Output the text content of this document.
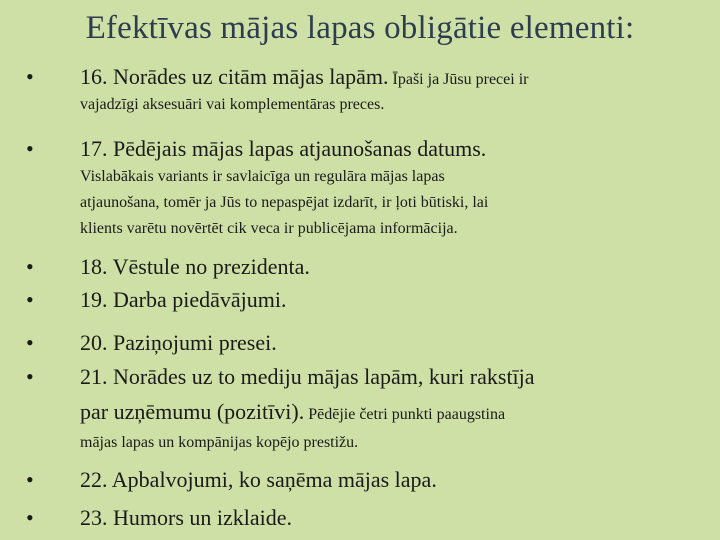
Efektīvas mājas lapas obligātie elementi:
• 16. Norādes uz citām mājas lapām. Īpaši ja Jūsu precei ir
vajadzīgi aksesuāri vai komplementāras preces.
• 17. Pēdējais mājas lapas atjaunošanas datums.
Vislabākais variants ir savlaicīga un regulāra mājas lapas
atjaunošana, tomēr ja Jūs to nepaspējat izdarīt, ir ļoti būtiski, lai
klients varētu novērtēt cik veca ir publicējama informācija.
• 18. Vēstule no prezidenta.
• 19. Darba piedāvājumi.
• 20. Paziņojumi presei.
• 21. Norādes uz to mediju mājas lapām, kuri rakstīja
par uzņēmumu (pozitīvi). Pēdējie četri punkti paaugstina
mājas lapas un kompānijas kopējo prestižu.
• 22. Apbalvojumi, ko saņēma mājas lapa.
• 23. Humors un izklaide.
